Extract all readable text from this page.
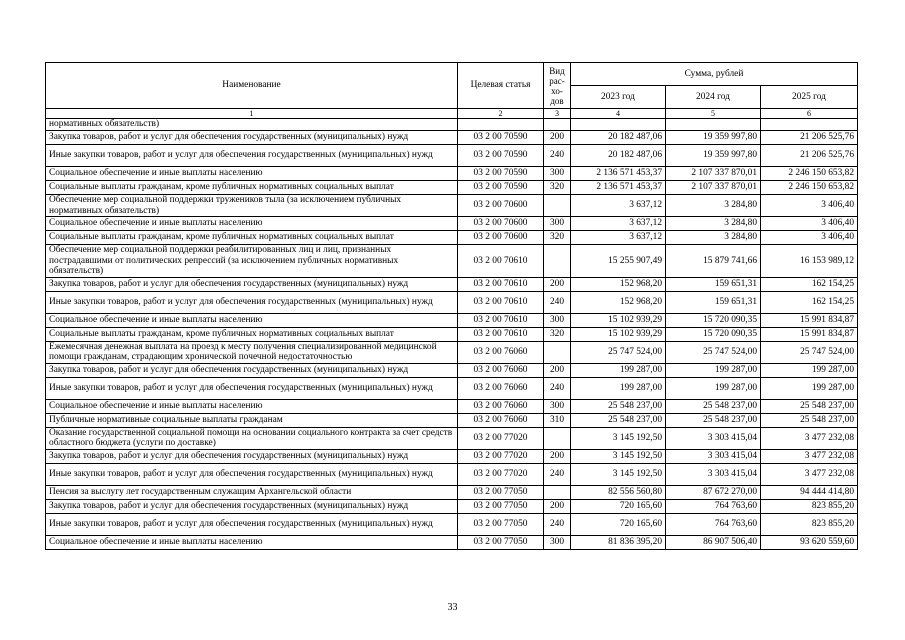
Наименование	Целевая статья	Вид рас-хо-дов	Сумма, рублей		
			2023 год	2024 год	2025 год
1	2	3	4	5	6
нормативных обязательств)					
Закупка товаров, работ и услуг для обеспечения государственных (муниципальных) нужд	03 2 00 70590	200	20 182 487,06	19 359 997,80	21 206 525,76
Иные закупки товаров, работ и услуг для обеспечения государственных (муниципальных) нужд	03 2 00 70590	240	20 182 487,06	19 359 997,80	21 206 525,76
Социальное обеспечение и иные выплаты населению	03 2 00 70590	300	2 136 571 453,37	2 107 337 870,01	2 246 150 653,82
Социальные выплаты гражданам, кроме публичных нормативных социальных выплат	03 2 00 70590	320	2 136 571 453,37	2 107 337 870,01	2 246 150 653,82
Обеспечение мер социальной поддержки тружеников тыла (за исключением публичных нормативных обязательств)	03 2 00 70600		3 637,12	3 284,80	3 406,40
Социальное обеспечение и иные выплаты населению	03 2 00 70600	300	3 637,12	3 284,80	3 406,40
Социальные выплаты гражданам, кроме публичных нормативных социальных выплат	03 2 00 70600	320	3 637,12	3 284,80	3 406,40
Обеспечение мер социальной поддержки реабилитированных лиц и лиц, признанных пострадавшими от политических репрессий (за исключением публичных нормативных обязательств)	03 2 00 70610		15 255 907,49	15 879 741,66	16 153 989,12
Закупка товаров, работ и услуг для обеспечения государственных (муниципальных) нужд	03 2 00 70610	200	152 968,20	159 651,31	162 154,25
Иные закупки товаров, работ и услуг для обеспечения государственных (муниципальных) нужд	03 2 00 70610	240	152 968,20	159 651,31	162 154,25
Социальное обеспечение и иные выплаты населению	03 2 00 70610	300	15 102 939,29	15 720 090,35	15 991 834,87
Социальные выплаты гражданам, кроме публичных нормативных социальных выплат	03 2 00 70610	320	15 102 939,29	15 720 090,35	15 991 834,87
Ежемесячная денежная выплата на проезд к месту получения специализированной медицинской помощи гражданам, страдающим хронической почечной недостаточностью	03 2 00 76060		25 747 524,00	25 747 524,00	25 747 524,00
Закупка товаров, работ и услуг для обеспечения государственных (муниципальных) нужд	03 2 00 76060	200	199 287,00	199 287,00	199 287,00
Иные закупки товаров, работ и услуг для обеспечения государственных (муниципальных) нужд	03 2 00 76060	240	199 287,00	199 287,00	199 287,00
Социальное обеспечение и иные выплаты населению	03 2 00 76060	300	25 548 237,00	25 548 237,00	25 548 237,00
Публичные нормативные социальные выплаты гражданам	03 2 00 76060	310	25 548 237,00	25 548 237,00	25 548 237,00
Оказание государственной социальной помощи на основании социального контракта за счет средств областного бюджета (услуги по доставке)	03 2 00 77020		3 145 192,50	3 303 415,04	3 477 232,08
Закупка товаров, работ и услуг для обеспечения государственных (муниципальных) нужд	03 2 00 77020	200	3 145 192,50	3 303 415,04	3 477 232,08
Иные закупки товаров, работ и услуг для обеспечения государственных (муниципальных) нужд	03 2 00 77020	240	3 145 192,50	3 303 415,04	3 477 232,08
Пенсия за выслугу лет государственным служащим Архангельской области	03 2 00 77050		82 556 560,80	87 672 270,00	94 444 414,80
Закупка товаров, работ и услуг для обеспечения государственных (муниципальных) нужд	03 2 00 77050	200	720 165,60	764 763,60	823 855,20
Иные закупки товаров, работ и услуг для обеспечения государственных (муниципальных) нужд	03 2 00 77050	240	720 165,60	764 763,60	823 855,20
Социальное обеспечение и иные выплаты населению	03 2 00 77050	300	81 836 395,20	86 907 506,40	93 620 559,60
33
